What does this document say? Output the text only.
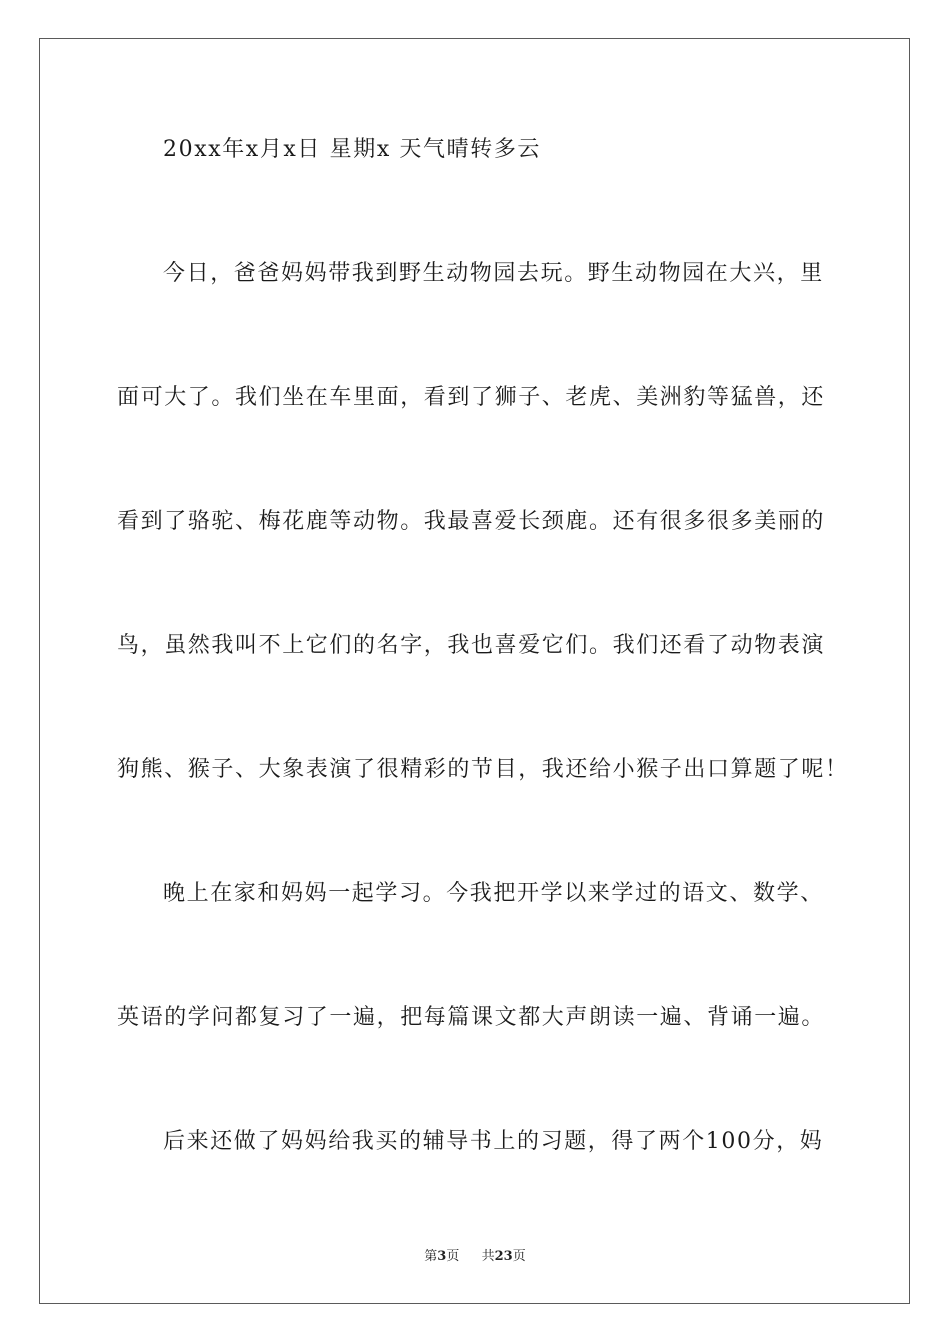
20xx年x月x日 星期x 天气晴转多云
今日，爸爸妈妈带我到野生动物园去玩。野生动物园在大兴，里
面可大了。我们坐在车里面，看到了狮子、老虎、美洲豹等猛兽，还
看到了骆驼、梅花鹿等动物。我最喜爱长颈鹿。还有很多很多美丽的
鸟，虽然我叫不上它们的名字，我也喜爱它们。我们还看了动物表演
狗熊、猴子、大象表演了很精彩的节目，我还给小猴子出口算题了呢！
晚上在家和妈妈一起学习。今我把开学以来学过的语文、数学、
英语的学问都复习了一遍，把每篇课文都大声朗读一遍、背诵一遍。
后来还做了妈妈给我买的辅导书上的习题，得了两个100分，妈
第3页 共23页
